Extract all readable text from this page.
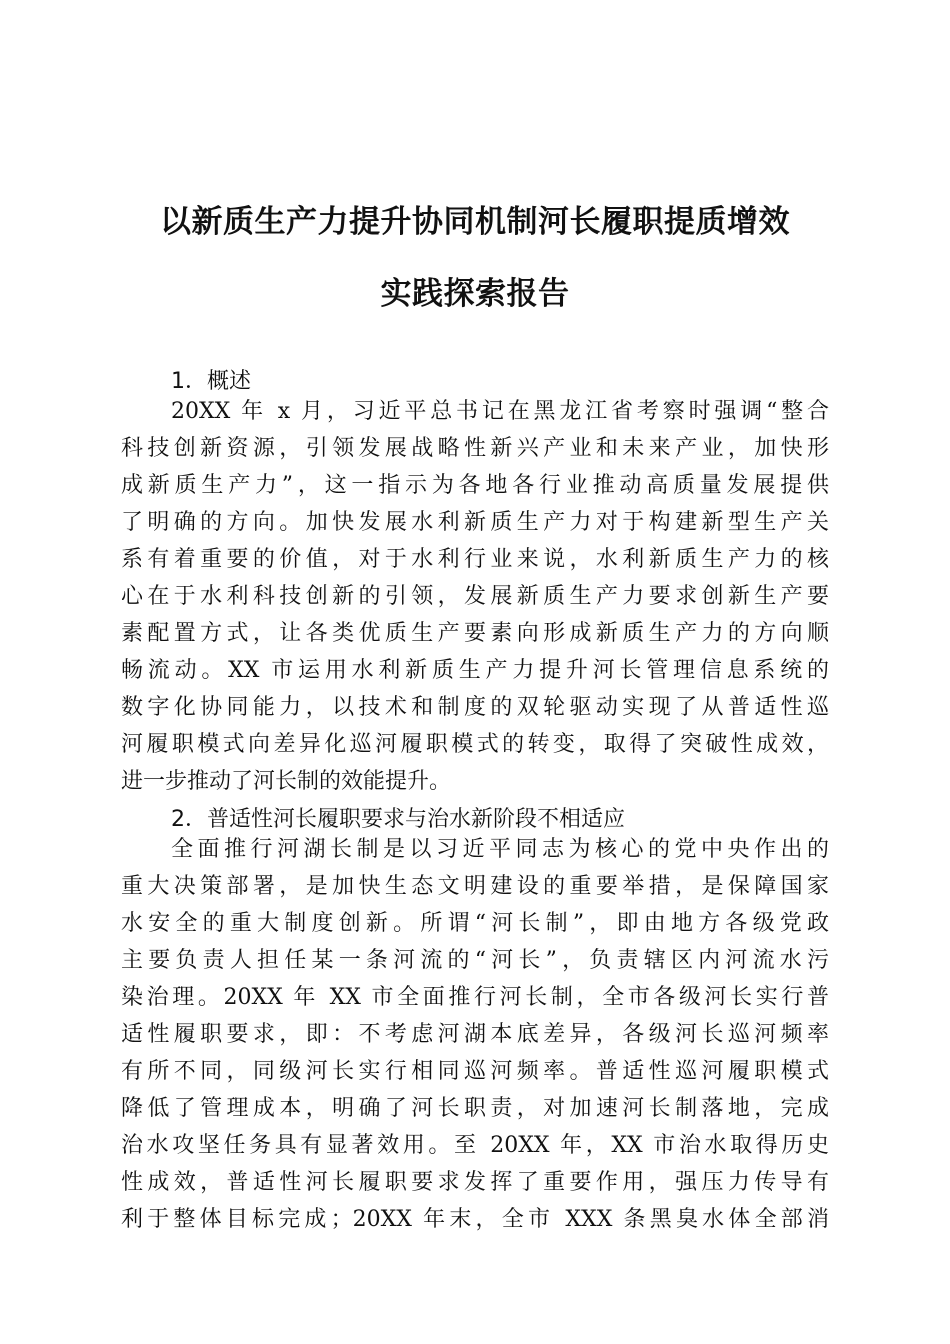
以新质生产力提升协同机制河长履职提质增效
实践探索报告
1．概述
20XX 年 x 月，习近平总书记在黑龙江省考察时强调“整合
科技创新资源，引领发展战略性新兴产业和未来产业，加快形
成新质生产力”，这一指示为各地各行业推动高质量发展提供
了明确的方向。加快发展水利新质生产力对于构建新型生产关
系有着重要的价值，对于水利行业来说，水利新质生产力的核
心在于水利科技创新的引领，发展新质生产力要求创新生产要
素配置方式，让各类优质生产要素向形成新质生产力的方向顺
畅流动。XX 市运用水利新质生产力提升河长管理信息系统的
数字化协同能力，以技术和制度的双轮驱动实现了从普适性巡
河履职模式向差异化巡河履职模式的转变，取得了突破性成效，
进一步推动了河长制的效能提升。
2．普适性河长履职要求与治水新阶段不相适应
全面推行河湖长制是以习近平同志为核心的党中央作出的
重大决策部署，是加快生态文明建设的重要举措，是保障国家
水安全的重大制度创新。所谓“河长制”，即由地方各级党政
主要负责人担任某一条河流的“河长”，负责辖区内河流水污
染治理。20XX 年 XX 市全面推行河长制，全市各级河长实行普
适性履职要求，即：不考虑河湖本底差异，各级河长巡河频率
有所不同，同级河长实行相同巡河频率。普适性巡河履职模式
降低了管理成本，明确了河长职责，对加速河长制落地，完成
治水攻坚任务具有显著效用。至 20XX 年，XX 市治水取得历史
性成效，普适性河长履职要求发挥了重要作用，强压力传导有
利于整体目标完成；20XX 年末，全市 XXX 条黑臭水体全部消
